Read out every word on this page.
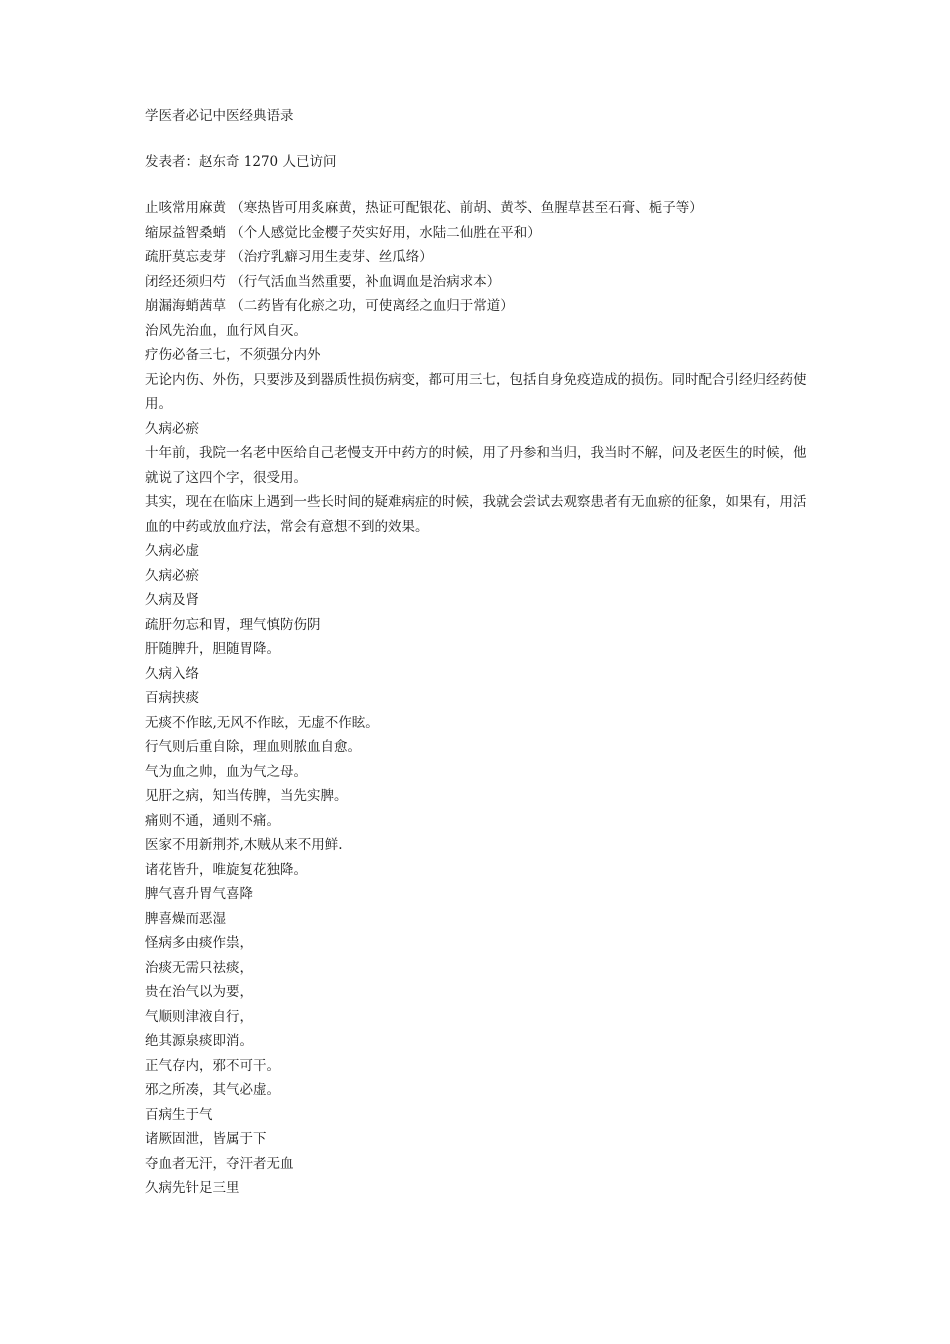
学医者必记中医经典语录

发表者：赵东奇 1270 人已访问

止咳常用麻黄 （寒热皆可用炙麻黄，热证可配银花、前胡、黄芩、鱼腥草甚至石膏、栀子等）

缩尿益智桑蛸 （个人感觉比金樱子芡实好用，水陆二仙胜在平和）

疏肝莫忘麦芽 （治疗乳癖习用生麦芽、丝瓜络）

闭经还须归芍 （行气活血当然重要，补血调血是治病求本）

崩漏海蛸茜草 （二药皆有化瘀之功，可使离经之血归于常道）

治风先治血，血行风自灭。

疗伤必备三七，不须强分内外

无论内伤、外伤，只要涉及到器质性损伤病变，都可用三七，包括自身免疫造成的损伤。同时配合引经归经药使用。

久病必瘀

十年前，我院一名老中医给自己老慢支开中药方的时候，用了丹参和当归，我当时不解，问及老医生的时候，他就说了这四个字，很受用。

其实，现在在临床上遇到一些长时间的疑难病症的时候，我就会尝试去观察患者有无血瘀的征象，如果有，用活血的中药或放血疗法，常会有意想不到的效果。

久病必虚

久病必瘀

久病及肾

疏肝勿忘和胃，理气慎防伤阴

肝随脾升，胆随胃降。

久病入络

百病挟痰

无痰不作眩,无风不作眩，无虚不作眩。

行气则后重自除，理血则脓血自愈。

气为血之帅，血为气之母。

见肝之病，知当传脾，当先实脾。

痛则不通，通则不痛。

医家不用新荆芥,木贼从来不用鲜.

诸花皆升，唯旋复花独降。

脾气喜升胃气喜降

脾喜燥而恶湿

怪病多由痰作祟，

治痰无需只祛痰，

贵在治气以为要，

气顺则津液自行，

绝其源泉痰即消。

正气存内，邪不可干。

邪之所凑，其气必虚。

百病生于气

诸厥固泄，皆属于下

夺血者无汗，夺汗者无血

久病先针足三里
